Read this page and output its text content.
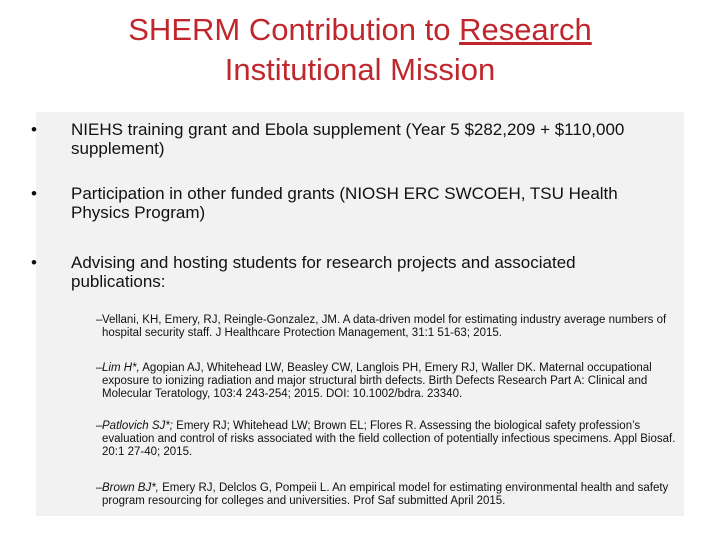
SHERM Contribution to Research
Institutional Mission
• NIEHS training grant and Ebola supplement (Year 5 $282,209 + $110,000 supplement)
• Participation in other funded grants (NIOSH ERC SWCOEH, TSU Health Physics Program)
• Advising and hosting students for research projects and associated publications:
– Vellani, KH, Emery, RJ, Reingle-Gonzalez, JM. A data-driven model for estimating industry average numbers of hospital security staff. J Healthcare Protection Management, 31:1 51-63; 2015.
– Lim H*, Agopian AJ, Whitehead LW, Beasley CW, Langlois PH, Emery RJ, Waller DK. Maternal occupational exposure to ionizing radiation and major structural birth defects. Birth Defects Research Part A: Clinical and Molecular Teratology, 103:4 243-254; 2015. DOI: 10.1002/bdra. 23340.
– Patlovich SJ*; Emery RJ; Whitehead LW; Brown EL; Flores R. Assessing the biological safety profession’s evaluation and control of risks associated with the field collection of potentially infectious specimens. Appl Biosaf. 20:1 27-40; 2015.
– Brown BJ*, Emery RJ, Delclos G, Pompeii L. An empirical model for estimating environmental health and safety program resourcing for colleges and universities. Prof Saf submitted April 2015.
